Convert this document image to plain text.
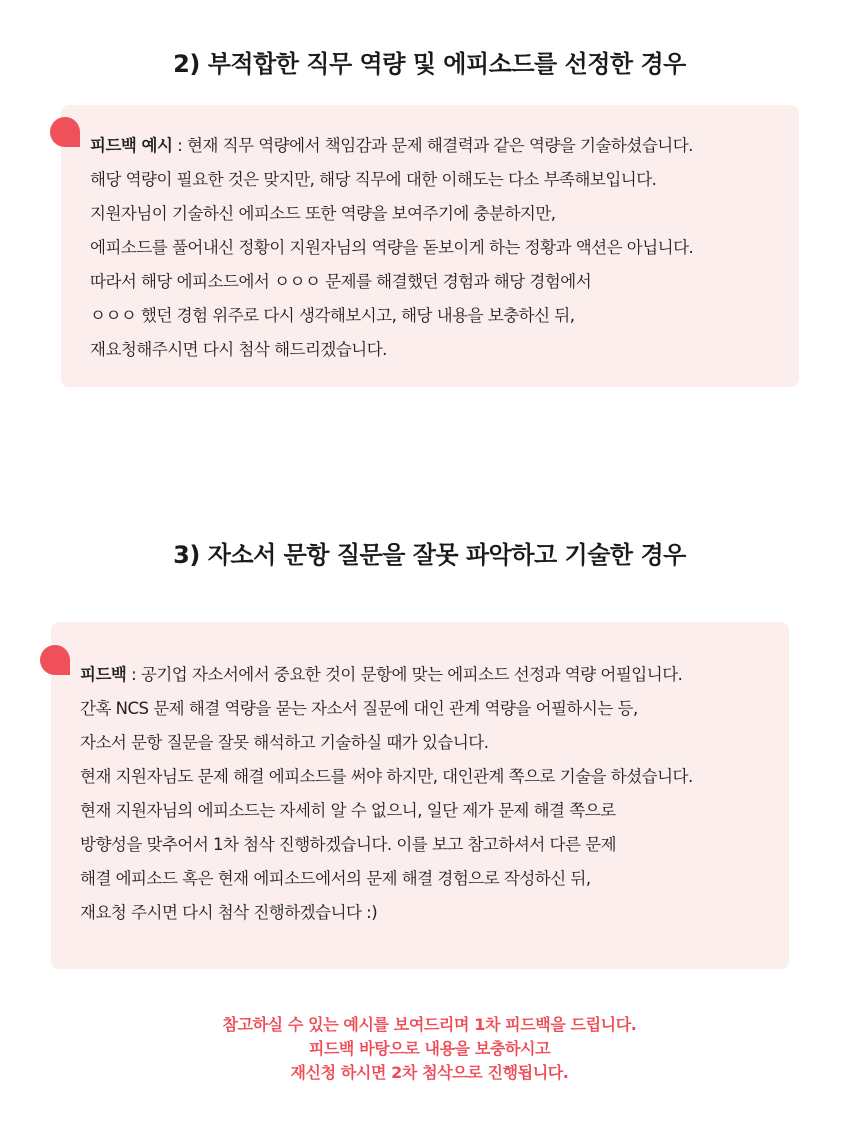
2) 부적합한 직무 역량 및 에피소드를 선정한 경우
피드백 예시 : 현재 직무 역량에서 책임감과 문제 해결력과 같은 역량을 기술하셨습니다.
해당 역량이 필요한 것은 맞지만, 해당 직무에 대한 이해도는 다소 부족해보입니다.
지원자님이 기술하신 에피소드 또한 역량을 보여주기에 충분하지만,
에피소드를 풀어내신 정황이 지원자님의 역량을 돋보이게 하는 정황과 액션은 아닙니다.
따라서 해당 에피소드에서 ㅇㅇㅇ 문제를 해결했던 경험과 해당 경험에서
ㅇㅇㅇ 했던 경험 위주로 다시 생각해보시고, 해당 내용을 보충하신 뒤,
재요청해주시면 다시 첨삭 해드리겠습니다.
3) 자소서 문항 질문을 잘못 파악하고 기술한 경우
피드백 : 공기업 자소서에서 중요한 것이 문항에 맞는 에피소드 선정과 역량 어필입니다.
간혹 NCS 문제 해결 역량을 묻는 자소서 질문에 대인 관계 역량을 어필하시는 등,
자소서 문항 질문을 잘못 해석하고 기술하실 때가 있습니다.
현재 지원자님도 문제 해결 에피소드를 써야 하지만, 대인관계 쪽으로 기술을 하셨습니다.
현재 지원자님의 에피소드는 자세히 알 수 없으니, 일단 제가 문제 해결 쪽으로
방향성을 맞추어서 1차 첨삭 진행하겠습니다. 이를 보고 참고하셔서 다른 문제
해결 에피소드 혹은 현재 에피소드에서의 문제 해결 경험으로 작성하신 뒤,
재요청 주시면 다시 첨삭 진행하겠습니다 :)
참고하실 수 있는 예시를 보여드리며 1차 피드백을 드립니다.
피드백 바탕으로 내용을 보충하시고
재신청 하시면 2차 첨삭으로 진행됩니다.
